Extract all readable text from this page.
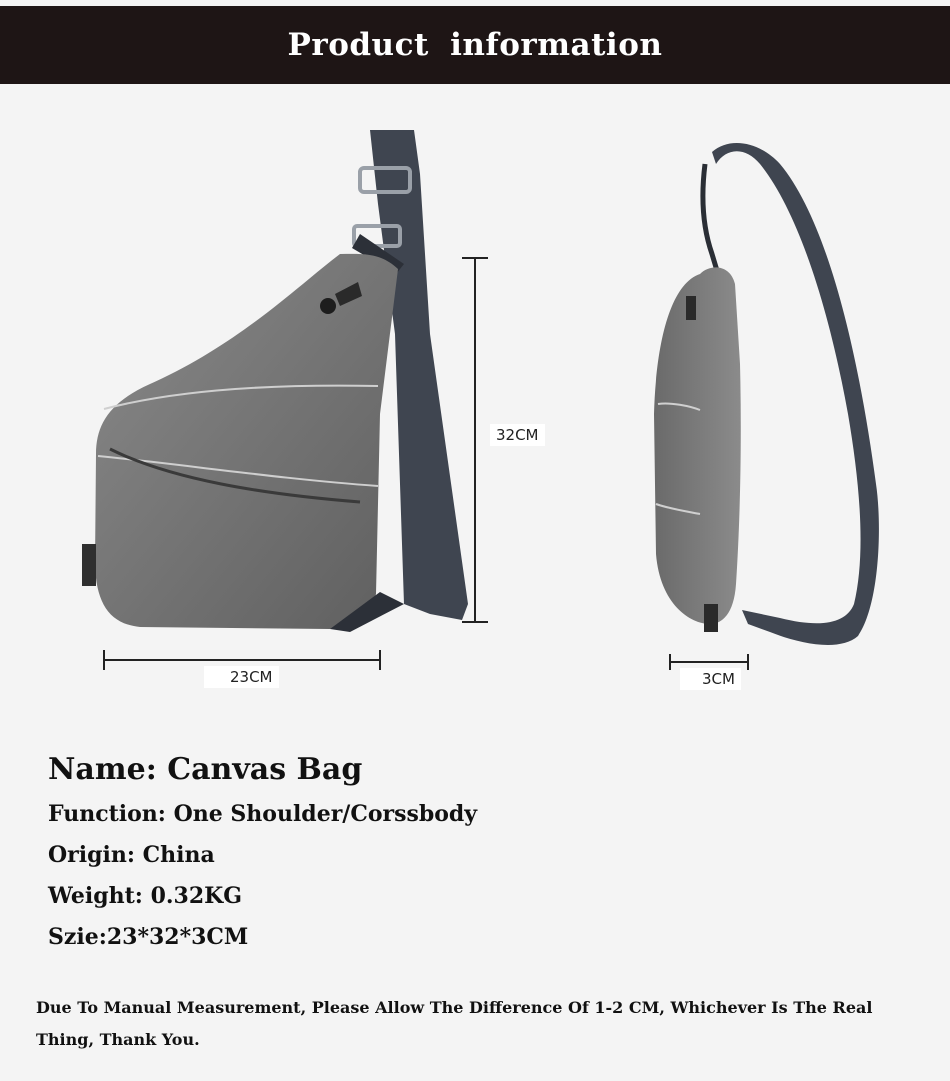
Product information
32CM
23CM	3CM

Name: Canvas Bag

Function: One Shoulder/Corssbody

Origin: China

Weight: 0.32KG

Szie:23*32*3CM

Due To Manual Measurement, Please Allow The Difference Of 1-2 CM, Whichever Is The Real Thing, Thank You.
